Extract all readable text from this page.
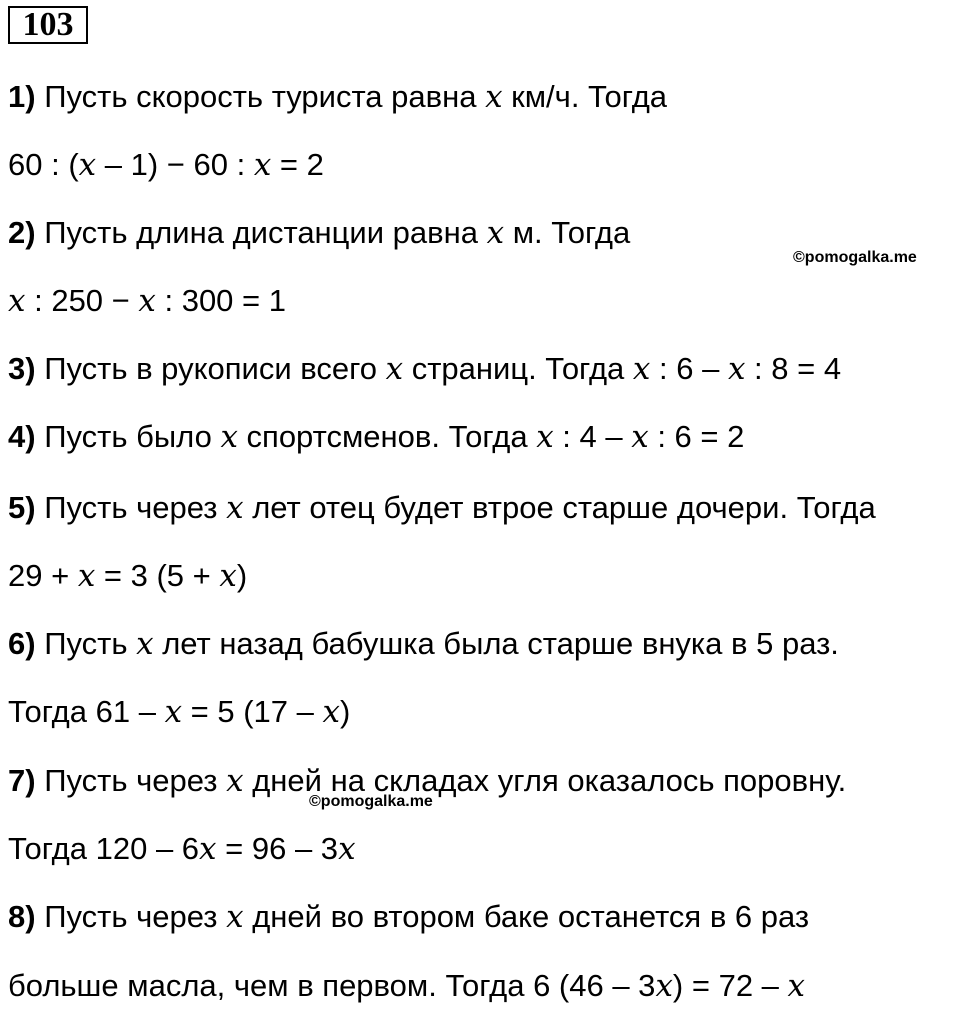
103
1) Пусть скорость туриста равна 𝑥 км/ч. Тогда
60 : (𝑥 – 1) − 60 : 𝑥 = 2
2) Пусть длина дистанции равна 𝑥 м. Тогда
𝑥 : 250 − 𝑥 : 300 = 1
3) Пусть в рукописи всего 𝑥 страниц. Тогда 𝑥 : 6 – 𝑥 : 8 = 4
4) Пусть было 𝑥 спортсменов. Тогда 𝑥 : 4 – 𝑥 : 6 = 2
5) Пусть через 𝑥 лет отец будет втрое старше дочери. Тогда
29 + 𝑥 = 3 (5 + 𝑥)
6) Пусть 𝑥 лет назад бабушка была старше внука в 5 раз.
Тогда 61 – 𝑥 = 5 (17 – 𝑥)
7) Пусть через 𝑥 дней на складах угля оказалось поровну.
Тогда 120 – 6𝑥 = 96 – 3𝑥
8) Пусть через 𝑥 дней во втором баке останется в 6 раз
больше масла, чем в первом. Тогда 6 (46 – 3𝑥) = 72 – 𝑥
©pomogalka.me
©pomogalka.me
